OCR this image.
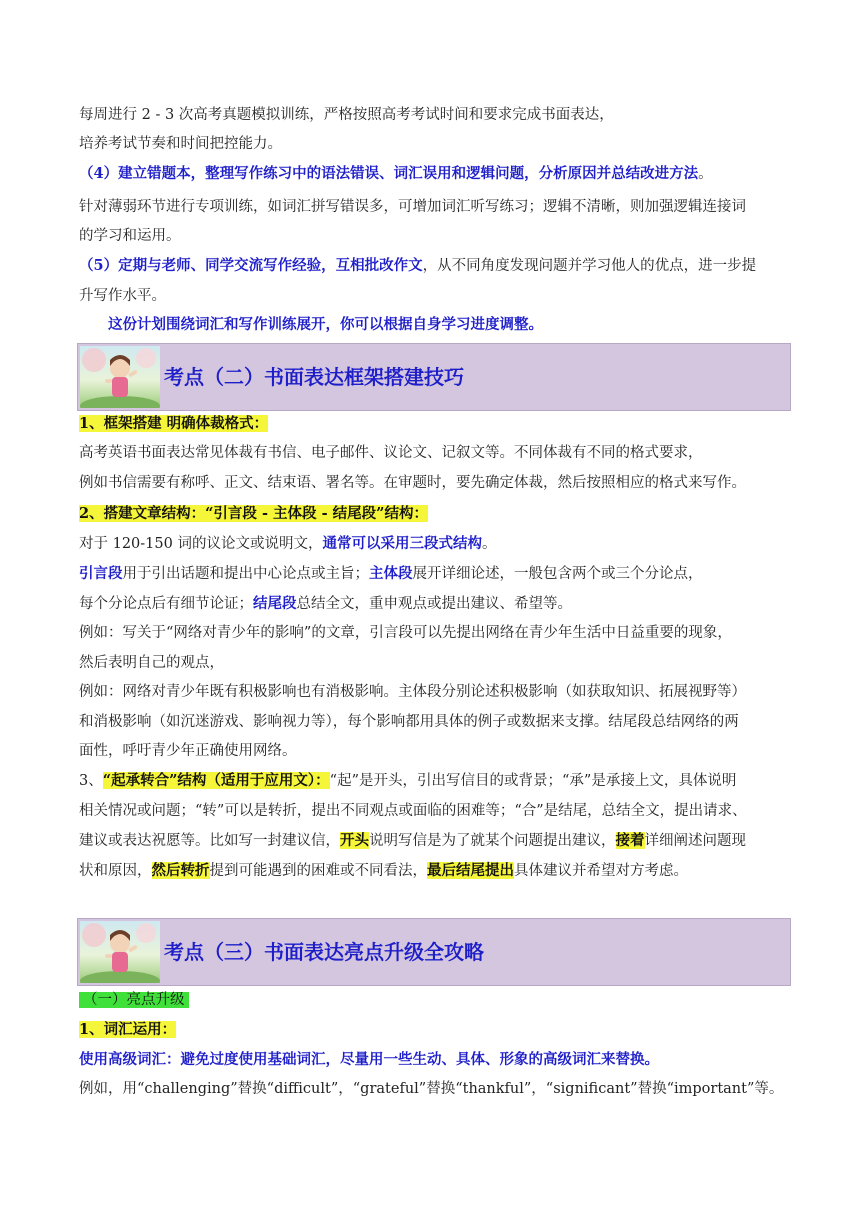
每周进行 2 - 3 次高考真题模拟训练，严格按照高考考试时间和要求完成书面表达，
培养考试节奏和时间把控能力。
（4）建立错题本，整理写作练习中的语法错误、词汇误用和逻辑问题，分析原因并总结改进方法。
针对薄弱环节进行专项训练，如词汇拼写错误多，可增加词汇听写练习；逻辑不清晰，则加强逻辑连接词
的学习和运用。
（5）定期与老师、同学交流写作经验，互相批改作文，从不同角度发现问题并学习他人的优点，进一步提
升写作水平。
这份计划围绕词汇和写作训练展开，你可以根据自身学习进度调整。
考点（二）书面表达框架搭建技巧
1、框架搭建 明确体裁格式：
高考英语书面表达常见体裁有书信、电子邮件、议论文、记叙文等。不同体裁有不同的格式要求，
例如书信需要有称呼、正文、结束语、署名等。在审题时，要先确定体裁，然后按照相应的格式来写作。
2、搭建文章结构：“引言段 - 主体段 - 结尾段”结构：
对于 120-150 词的议论文或说明文，通常可以采用三段式结构。
引言段用于引出话题和提出中心论点或主旨；主体段展开详细论述，一般包含两个或三个分论点，
每个分论点后有细节论证；结尾段总结全文，重申观点或提出建议、希望等。
例如：写关于“网络对青少年的影响”的文章，引言段可以先提出网络在青少年生活中日益重要的现象，
然后表明自己的观点，
例如：网络对青少年既有积极影响也有消极影响。主体段分别论述积极影响（如获取知识、拓展视野等）
和消极影响（如沉迷游戏、影响视力等），每个影响都用具体的例子或数据来支撑。结尾段总结网络的两
面性，呼吁青少年正确使用网络。
3、“起承转合”结构（适用于应用文）：“起”是开头，引出写信目的或背景；“承”是承接上文，具体说明
相关情况或问题；“转”可以是转折，提出不同观点或面临的困难等；“合”是结尾，总结全文，提出请求、
建议或表达祝愿等。比如写一封建议信，开头说明写信是为了就某个问题提出建议，接着详细阐述问题现
状和原因，然后转折提到可能遇到的困难或不同看法，最后结尾提出具体建议并希望对方考虑。
考点（三）书面表达亮点升级全攻略
（一）亮点升级
1、词汇运用：
使用高级词汇：避免过度使用基础词汇，尽量用一些生动、具体、形象的高级词汇来替换。
例如，用“challenging”替换“difficult”，“grateful”替换“thankful”，“significant”替换“important”等。
